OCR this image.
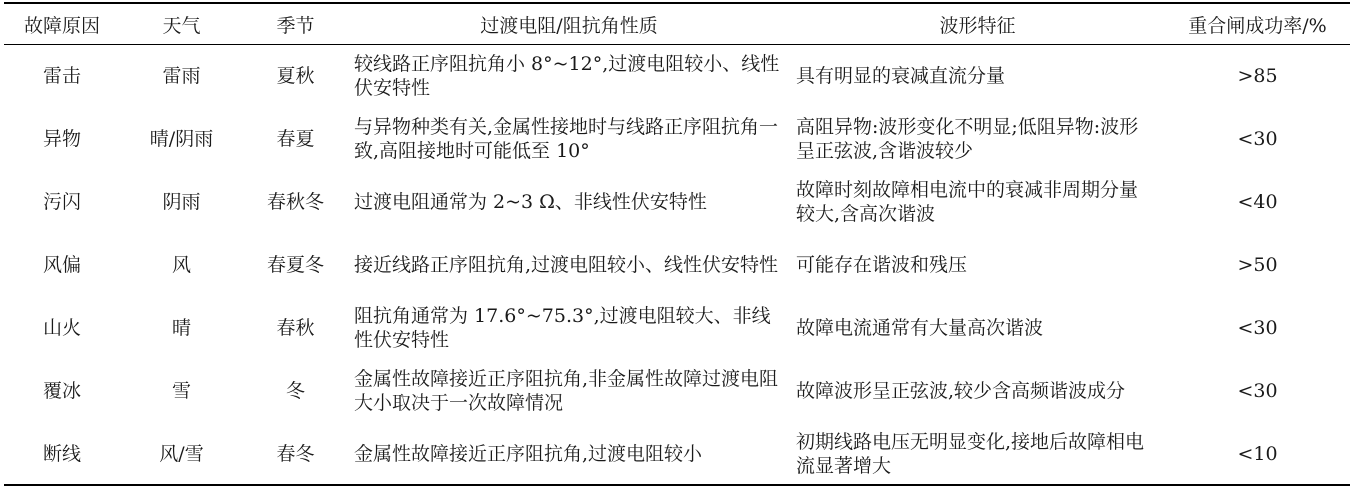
故障原因	天气	季节	过渡电阻/阻抗角性质	波形特征	重合闸成功率/%
雷击	雷雨	夏秋	较线路正序阻抗角小 8°~12°,过渡电阻较小、线性伏安特性	具有明显的衰减直流分量	>85
异物	晴/阴雨	春夏	与异物种类有关,金属性接地时与线路正序阻抗角一致,高阻接地时可能低至 10°	高阻异物:波形变化不明显;低阻异物:波形呈正弦波,含谐波较少	<30
污闪	阴雨	春秋冬	过渡电阻通常为 2~3 Ω、非线性伏安特性	故障时刻故障相电流中的衰减非周期分量较大,含高次谐波	<40
风偏	风	春夏冬	接近线路正序阻抗角,过渡电阻较小、线性伏安特性	可能存在谐波和残压	>50
山火	晴	春秋	阻抗角通常为 17.6°~75.3°,过渡电阻较大、非线性伏安特性	故障电流通常有大量高次谐波	<30
覆冰	雪	冬	金属性故障接近正序阻抗角,非金属性故障过渡电阻大小取决于一次故障情况	故障波形呈正弦波,较少含高频谐波成分	<30
断线	风/雪	春冬	金属性故障接近正序阻抗角,过渡电阻较小	初期线路电压无明显变化,接地后故障相电流显著增大	<10
